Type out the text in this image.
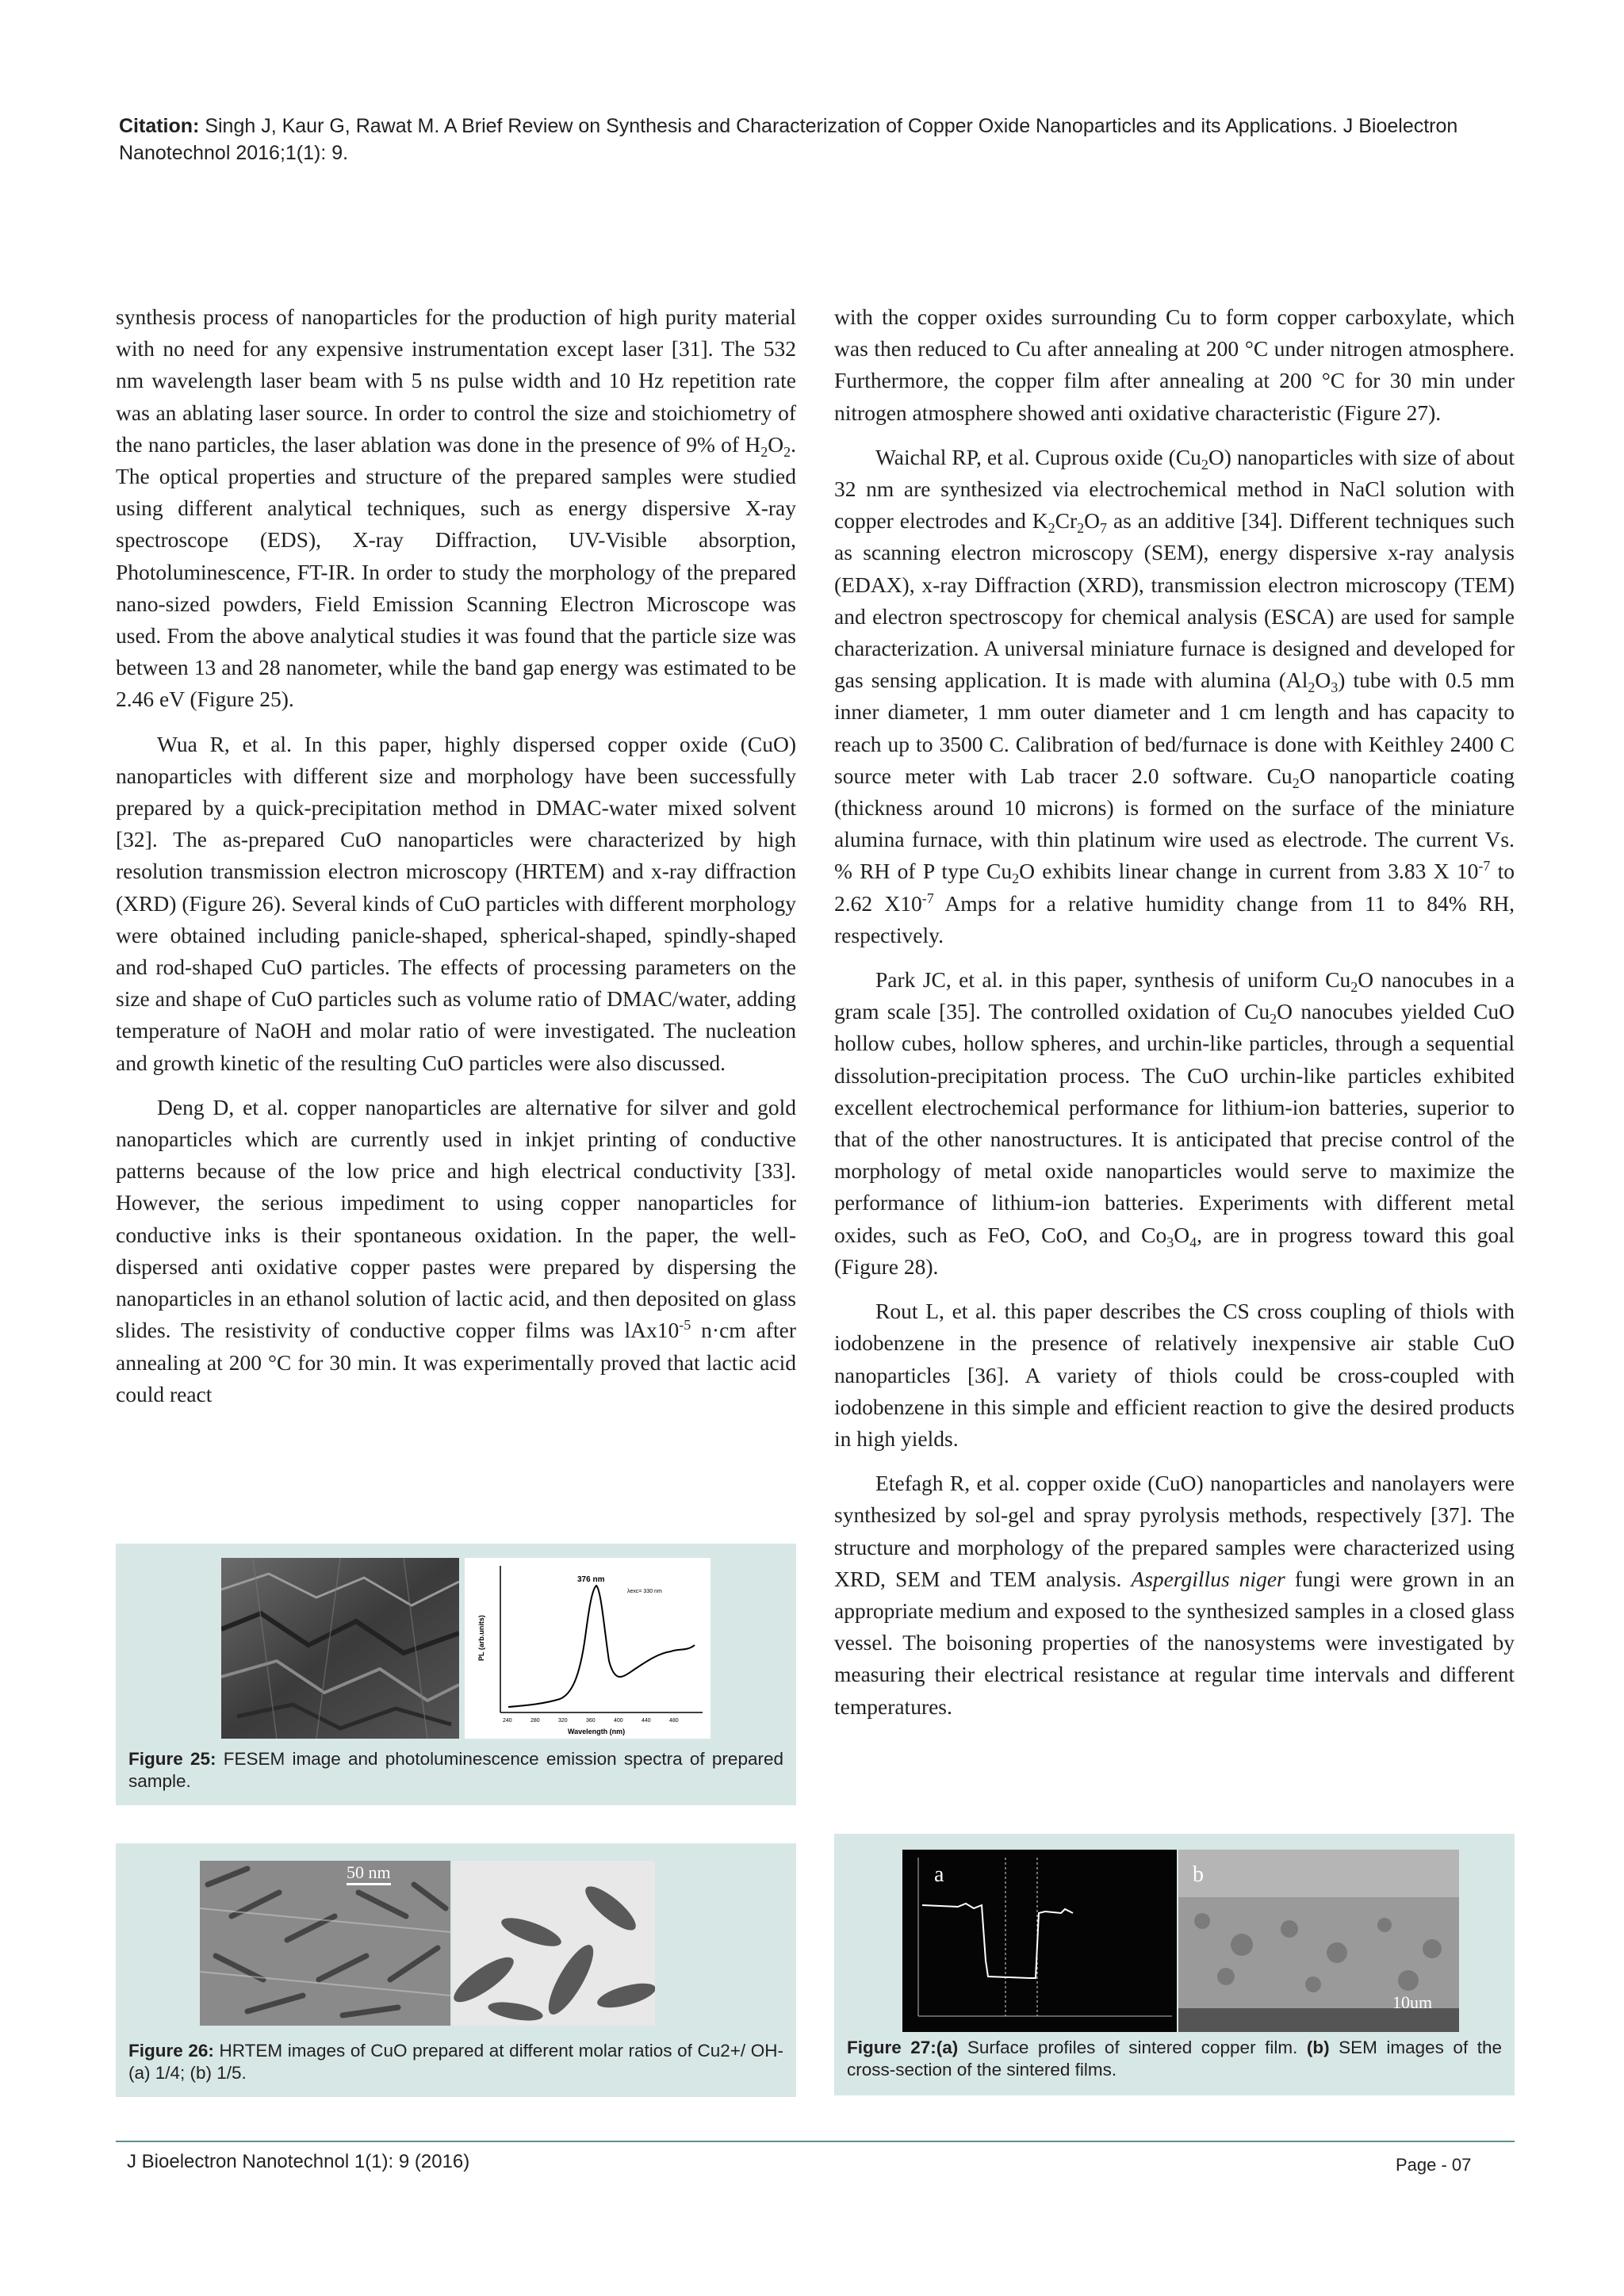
Citation: Singh J, Kaur G, Rawat M. A Brief Review on Synthesis and Characterization of Copper Oxide Nanoparticles and its Applications. J Bioelectron Nanotechnol 2016;1(1): 9.

synthesis process of nanoparticles for the production of high purity material with no need for any expensive instrumentation except laser [31]. The 532 nm wavelength laser beam with 5 ns pulse width and 10 Hz repetition rate was an ablating laser source. In order to control the size and stoichiometry of the nano particles, the laser ablation was done in the presence of 9% of $H_2O_2$. The optical properties and structure of the prepared samples were studied using different analytical techniques, such as energy dispersive X-ray spectroscope (EDS), X-ray Diffraction, UV-Visible absorption, Photoluminescence, FT-IR. In order to study the morphology of the prepared nano-sized powders, Field Emission Scanning Electron Microscope was used. From the above analytical studies it was found that the particle size was between 13 and 28 nanometer, while the band gap energy was estimated to be 2.46 eV (Figure 25).

Wua R, et al. In this paper, highly dispersed copper oxide (CuO) nanoparticles with different size and morphology have been successfully prepared by a quick-precipitation method in DMAC-water mixed solvent [32]. The as-prepared CuO nanoparticles were characterized by high resolution transmission electron microscopy (HRTEM) and x-ray diffraction (XRD) (Figure 26). Several kinds of CuO particles with different morphology were obtained including panicle-shaped, spherical-shaped, spindly-shaped and rod-shaped CuO particles. The effects of processing parameters on the size and shape of CuO particles such as volume ratio of DMAC/water, adding temperature of NaOH and molar ratio of were investigated. The nucleation and growth kinetic of the resulting CuO particles were also discussed.

Deng D, et al. copper nanoparticles are alternative for silver and gold nanoparticles which are currently used in inkjet printing of conductive patterns because of the low price and high electrical conductivity [33]. However, the serious impediment to using copper nanoparticles for conductive inks is their spontaneous oxidation. In the paper, the well-dispersed anti oxidative copper pastes were prepared by dispersing the nanoparticles in an ethanol solution of lactic acid, and then deposited on glass slides. The resistivity of conductive copper films was $lAx10^{-5}$ n·cm after annealing at 200 °C for 30 min. It was experimentally proved that lactic acid could react

with the copper oxides surrounding Cu to form copper carboxylate, which was then reduced to Cu after annealing at 200 °C under nitrogen atmosphere. Furthermore, the copper film after annealing at 200 °C for 30 min under nitrogen atmosphere showed anti oxidative characteristic (Figure 27).

Waichal RP, et al. Cuprous oxide $(Cu_2O)$ nanoparticles with size of about 32 nm are synthesized via electrochemical method in NaCl solution with copper electrodes and $K_2Cr_2O_7$ as an additive [34]. Different techniques such as scanning electron microscopy (SEM), energy dispersive x-ray analysis (EDAX), x-ray Diffraction (XRD), transmission electron microscopy (TEM) and electron spectroscopy for chemical analysis (ESCA) are used for sample characterization. A universal miniature furnace is designed and developed for gas sensing application. It is made with alumina $(Al_2O_3)$ tube with 0.5 mm inner diameter, 1 mm outer diameter and 1 cm length and has capacity to reach up to 3500 C. Calibration of bed/furnace is done with Keithley 2400 C source meter with Lab tracer 2.0 software. $Cu_2O$ nanoparticle coating (thickness around 10 microns) is formed on the surface of the miniature alumina furnace, with thin platinum wire used as electrode. The current Vs. % RH of P type $Cu_2O$ exhibits linear change in current from 3.83 X $10^{-7}$ to 2.62 $X10^{-7}$ Amps for a relative humidity change from 11 to 84% RH, respectively.

Park JC, et al. in this paper, synthesis of uniform $Cu_2O$ nanocubes in a gram scale [35]. The controlled oxidation of $Cu_2O$ nanocubes yielded CuO hollow cubes, hollow spheres, and urchin-like particles, through a sequential dissolution-precipitation process. The CuO urchin-like particles exhibited excellent electrochemical performance for lithium-ion batteries, superior to that of the other nanostructures. It is anticipated that precise control of the morphology of metal oxide nanoparticles would serve to maximize the performance of lithium-ion batteries. Experiments with different metal oxides, such as FeO, CoO, and $Co_3O_4$, are in progress toward this goal (Figure 28).

Rout L, et al. this paper describes the CS cross coupling of thiols with iodobenzene in the presence of relatively inexpensive air stable CuO nanoparticles [36]. A variety of thiols could be cross-coupled with iodobenzene in this simple and efficient reaction to give the desired products in high yields.

Etefagh R, et al. copper oxide (CuO) nanoparticles and nanolayers were synthesized by sol-gel and spray pyrolysis methods, respectively [37]. The structure and morphology of the prepared samples were characterized using XRD, SEM and TEM analysis. Aspergillus niger fungi were grown in an appropriate medium and exposed to the synthesized samples in a closed glass vessel. The boisoning properties of the nanosystems were investigated by measuring their electrical resistance at regular time intervals and different temperatures.

376 nm
λexc= 330 nm
PL (arb.units)
Wavelength (nm)
240	280	320	360	400	440	480
Figure 25: FESEM image and photoluminescence emission spectra of prepared sample.
50 nm
Figure 26: HRTEM images of CuO prepared at different molar ratios of Cu2+/ OH- (a) 1/4; (b) 1/5.
a	b
10um
Figure 27:(a) Surface profiles of sintered copper film. (b) SEM images of the cross-section of the sintered films.
J Bioelectron Nanotechnol 1(1): 9 (2016)	Page - 07
